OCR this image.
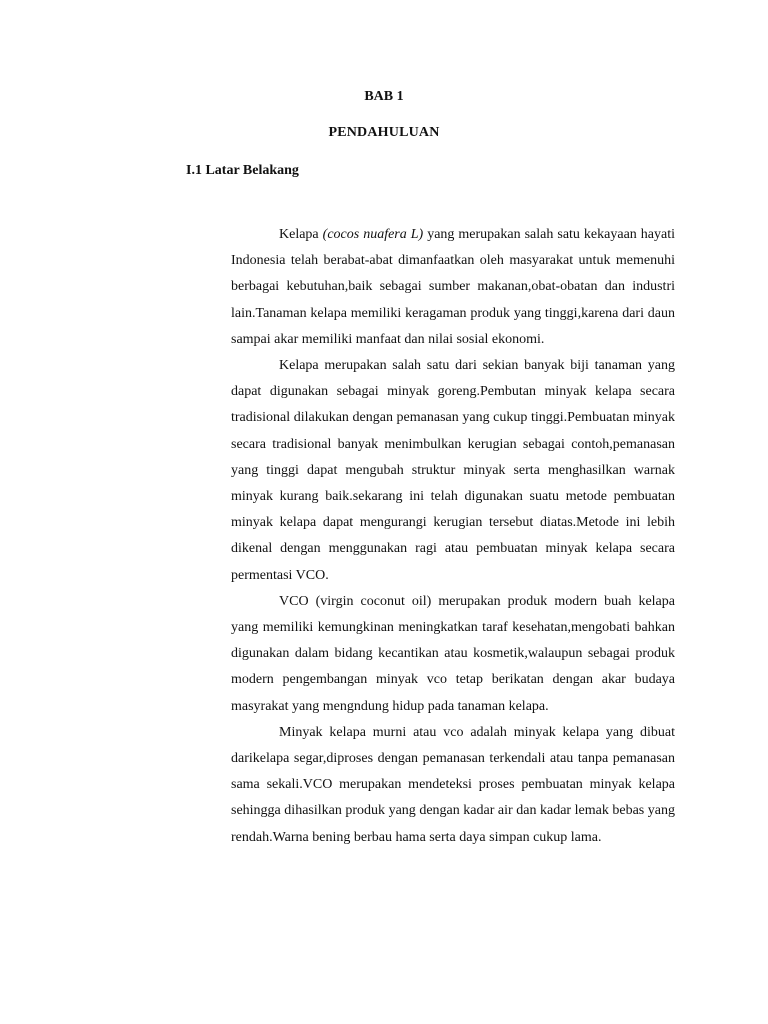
BAB 1
PENDAHULUAN
I.1 Latar Belakang

Kelapa (cocos nuafera L) yang merupakan salah satu kekayaan hayati Indonesia telah berabat-abat dimanfaatkan oleh masyarakat untuk memenuhi berbagai kebutuhan,baik sebagai sumber makanan,obat-obatan dan industri lain.Tanaman kelapa memiliki keragaman produk yang tinggi,karena dari daun sampai akar memiliki manfaat dan nilai sosial ekonomi.

Kelapa merupakan salah satu dari sekian banyak biji tanaman yang dapat digunakan sebagai minyak goreng.Pembutan minyak kelapa secara tradisional dilakukan dengan pemanasan yang cukup tinggi.Pembuatan minyak secara tradisional banyak menimbulkan kerugian sebagai contoh,pemanasan yang tinggi dapat mengubah struktur minyak serta menghasilkan warnak minyak kurang baik.sekarang ini telah digunakan suatu metode pembuatan minyak kelapa dapat mengurangi kerugian tersebut diatas.Metode ini lebih dikenal dengan menggunakan ragi atau pembuatan minyak kelapa secara permentasi VCO.

VCO (virgin coconut oil) merupakan produk modern buah kelapa yang memiliki kemungkinan meningkatkan taraf kesehatan,mengobati bahkan digunakan dalam bidang kecantikan atau kosmetik,walaupun sebagai produk modern pengembangan minyak vco tetap berikatan dengan akar budaya masyrakat yang mengndung hidup pada tanaman kelapa.

Minyak kelapa murni atau vco adalah minyak kelapa yang dibuat darikelapa segar,diproses dengan pemanasan terkendali atau tanpa pemanasan sama sekali.VCO merupakan mendeteksi proses pembuatan minyak kelapa sehingga dihasilkan produk yang dengan kadar air dan kadar lemak bebas yang rendah.Warna bening berbau hama serta daya simpan cukup lama.
